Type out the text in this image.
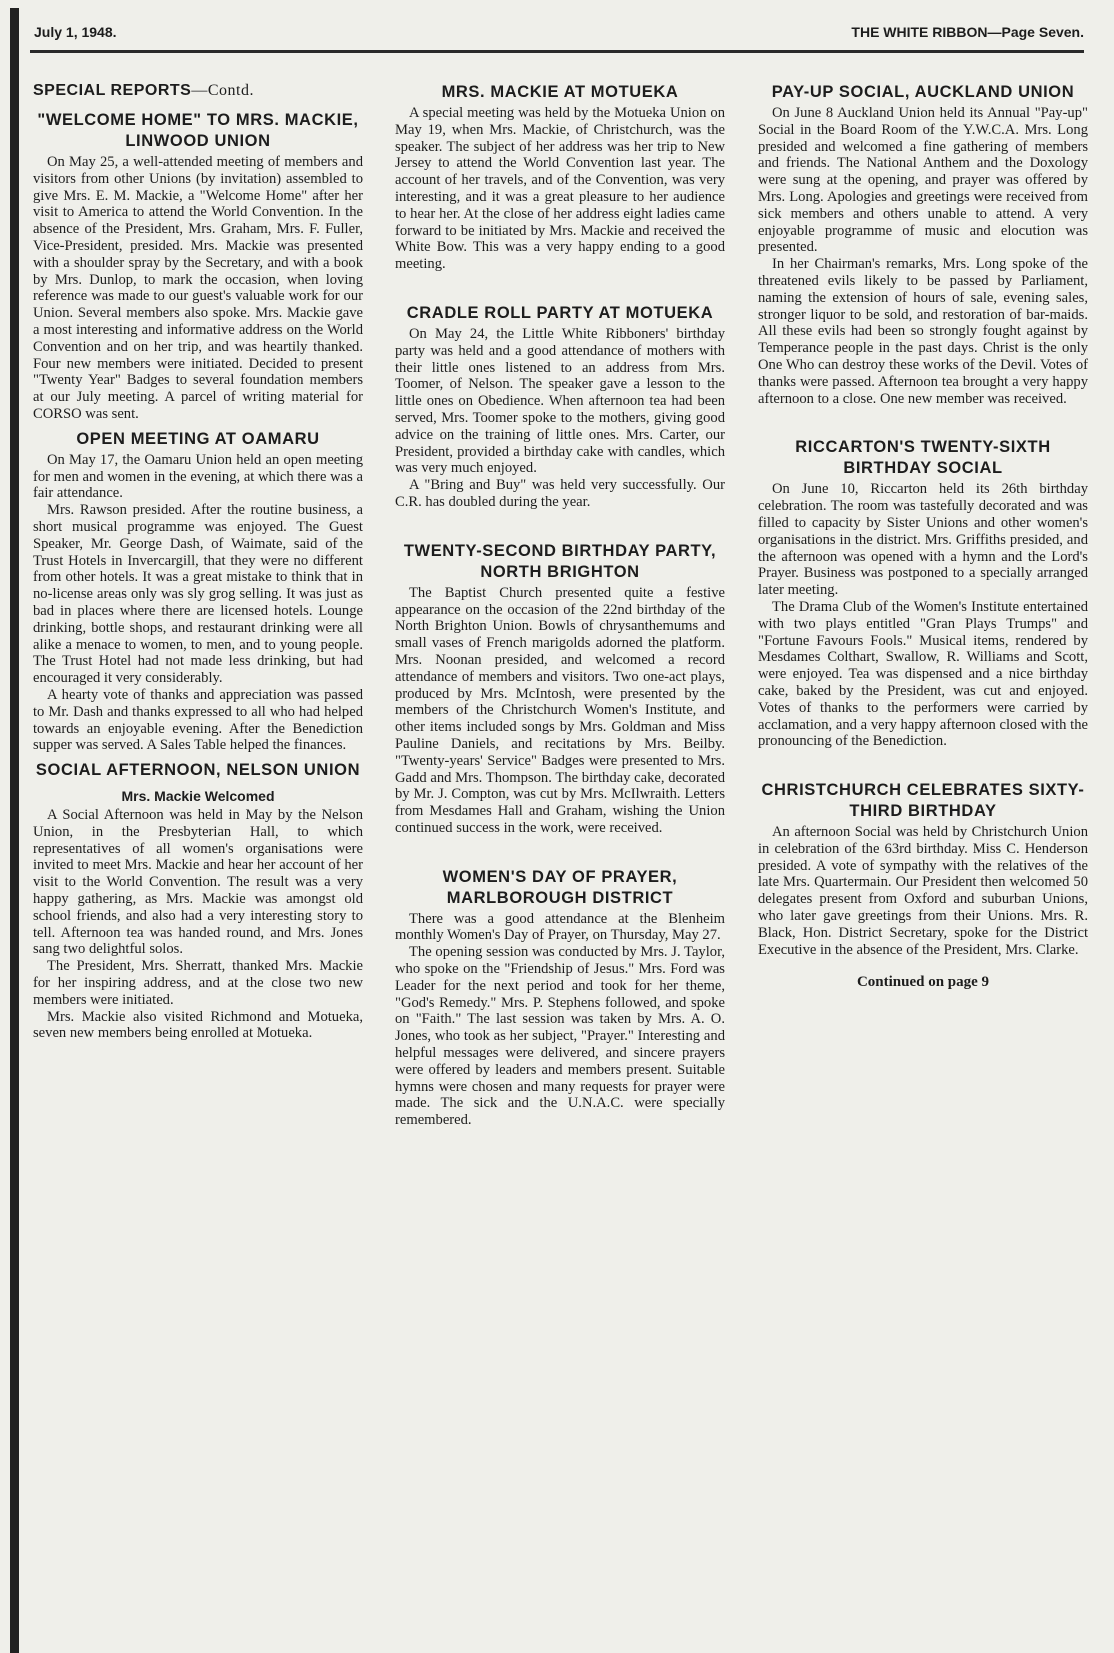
July 1, 1948.	THE WHITE RIBBON—Page Seven.
SPECIAL REPORTS—Contd.
"WELCOME HOME" TO MRS. MACKIE, LINWOOD UNION

On May 25, a well-attended meeting of members and visitors from other Unions (by invitation) assembled to give Mrs. E. M. Mackie, a "Welcome Home" after her visit to America to attend the World Convention. In the absence of the President, Mrs. Graham, Mrs. F. Fuller, Vice-President, presided. Mrs. Mackie was presented with a shoulder spray by the Secretary, and with a book by Mrs. Dunlop, to mark the occasion, when loving reference was made to our guest's valuable work for our Union. Several members also spoke. Mrs. Mackie gave a most interesting and informative address on the World Convention and on her trip, and was heartily thanked. Four new members were initiated. Decided to present "Twenty Year" Badges to several foundation members at our July meeting. A parcel of writing material for CORSO was sent.

OPEN MEETING AT OAMARU

On May 17, the Oamaru Union held an open meeting for men and women in the evening, at which there was a fair attendance.

Mrs. Rawson presided. After the routine business, a short musical programme was enjoyed. The Guest Speaker, Mr. George Dash, of Waimate, said of the Trust Hotels in Invercargill, that they were no different from other hotels. It was a great mistake to think that in no-license areas only was sly grog selling. It was just as bad in places where there are licensed hotels. Lounge drinking, bottle shops, and restaurant drinking were all alike a menace to women, to men, and to young people. The Trust Hotel had not made less drinking, but had encouraged it very considerably.

A hearty vote of thanks and appreciation was passed to Mr. Dash and thanks expressed to all who had helped towards an enjoyable evening. After the Benediction supper was served. A Sales Table helped the finances.

SOCIAL AFTERNOON, NELSON UNION
Mrs. Mackie Welcomed

A Social Afternoon was held in May by the Nelson Union, in the Presbyterian Hall, to which representatives of all women's organisations were invited to meet Mrs. Mackie and hear her account of her visit to the World Convention. The result was a very happy gathering, as Mrs. Mackie was amongst old school friends, and also had a very interesting story to tell. Afternoon tea was handed round, and Mrs. Jones sang two delightful solos.

The President, Mrs. Sherratt, thanked Mrs. Mackie for her inspiring address, and at the close two new members were initiated.

Mrs. Mackie also visited Richmond and Motueka, seven new members being enrolled at Motueka.

MRS. MACKIE AT MOTUEKA

A special meeting was held by the Motueka Union on May 19, when Mrs. Mackie, of Christchurch, was the speaker. The subject of her address was her trip to New Jersey to attend the World Convention last year. The account of her travels, and of the Convention, was very interesting, and it was a great pleasure to her audience to hear her. At the close of her address eight ladies came forward to be initiated by Mrs. Mackie and received the White Bow. This was a very happy ending to a good meeting.

CRADLE ROLL PARTY AT MOTUEKA

On May 24, the Little White Ribboners' birthday party was held and a good attendance of mothers with their little ones listened to an address from Mrs. Toomer, of Nelson. The speaker gave a lesson to the little ones on Obedience. When afternoon tea had been served, Mrs. Toomer spoke to the mothers, giving good advice on the training of little ones. Mrs. Carter, our President, provided a birthday cake with candles, which was very much enjoyed.

A "Bring and Buy" was held very successfully. Our C.R. has doubled during the year.

TWENTY-SECOND BIRTHDAY PARTY, NORTH BRIGHTON

The Baptist Church presented quite a festive appearance on the occasion of the 22nd birthday of the North Brighton Union. Bowls of chrysanthemums and small vases of French marigolds adorned the platform. Mrs. Noonan presided, and welcomed a record attendance of members and visitors. Two one-act plays, produced by Mrs. McIntosh, were presented by the members of the Christchurch Women's Institute, and other items included songs by Mrs. Goldman and Miss Pauline Daniels, and recitations by Mrs. Beilby. "Twenty-years' Service" Badges were presented to Mrs. Gadd and Mrs. Thompson. The birthday cake, decorated by Mr. J. Compton, was cut by Mrs. McIlwraith. Letters from Mesdames Hall and Graham, wishing the Union continued success in the work, were received.

WOMEN'S DAY OF PRAYER, MARLBOROUGH DISTRICT

There was a good attendance at the Blenheim monthly Women's Day of Prayer, on Thursday, May 27.

The opening session was conducted by Mrs. J. Taylor, who spoke on the "Friendship of Jesus." Mrs. Ford was Leader for the next period and took for her theme, "God's Remedy." Mrs. P. Stephens followed, and spoke on "Faith." The last session was taken by Mrs. A. O. Jones, who took as her subject, "Prayer." Interesting and helpful messages were delivered, and sincere prayers were offered by leaders and members present. Suitable hymns were chosen and many requests for prayer were made. The sick and the U.N.A.C. were specially remembered.

PAY-UP SOCIAL, AUCKLAND UNION

On June 8 Auckland Union held its Annual "Pay-up" Social in the Board Room of the Y.W.C.A. Mrs. Long presided and welcomed a fine gathering of members and friends. The National Anthem and the Doxology were sung at the opening, and prayer was offered by Mrs. Long. Apologies and greetings were received from sick members and others unable to attend. A very enjoyable programme of music and elocution was presented.

In her Chairman's remarks, Mrs. Long spoke of the threatened evils likely to be passed by Parliament, naming the extension of hours of sale, evening sales, stronger liquor to be sold, and restoration of bar-maids. All these evils had been so strongly fought against by Temperance people in the past days. Christ is the only One Who can destroy these works of the Devil. Votes of thanks were passed. Afternoon tea brought a very happy afternoon to a close. One new member was received.

RICCARTON'S TWENTY-SIXTH BIRTHDAY SOCIAL

On June 10, Riccarton held its 26th birthday celebration. The room was tastefully decorated and was filled to capacity by Sister Unions and other women's organisations in the district. Mrs. Griffiths presided, and the afternoon was opened with a hymn and the Lord's Prayer. Business was postponed to a specially arranged later meeting.

The Drama Club of the Women's Institute entertained with two plays entitled "Gran Plays Trumps" and "Fortune Favours Fools." Musical items, rendered by Mesdames Colthart, Swallow, R. Williams and Scott, were enjoyed. Tea was dispensed and a nice birthday cake, baked by the President, was cut and enjoyed. Votes of thanks to the performers were carried by acclamation, and a very happy afternoon closed with the pronouncing of the Benediction.

CHRISTCHURCH CELEBRATES SIXTY-THIRD BIRTHDAY

An afternoon Social was held by Christchurch Union in celebration of the 63rd birthday. Miss C. Henderson presided. A vote of sympathy with the relatives of the late Mrs. Quartermain. Our President then welcomed 50 delegates present from Oxford and suburban Unions, who later gave greetings from their Unions. Mrs. R. Black, Hon. District Secretary, spoke for the District Executive in the absence of the President, Mrs. Clarke.

Continued on page 9
